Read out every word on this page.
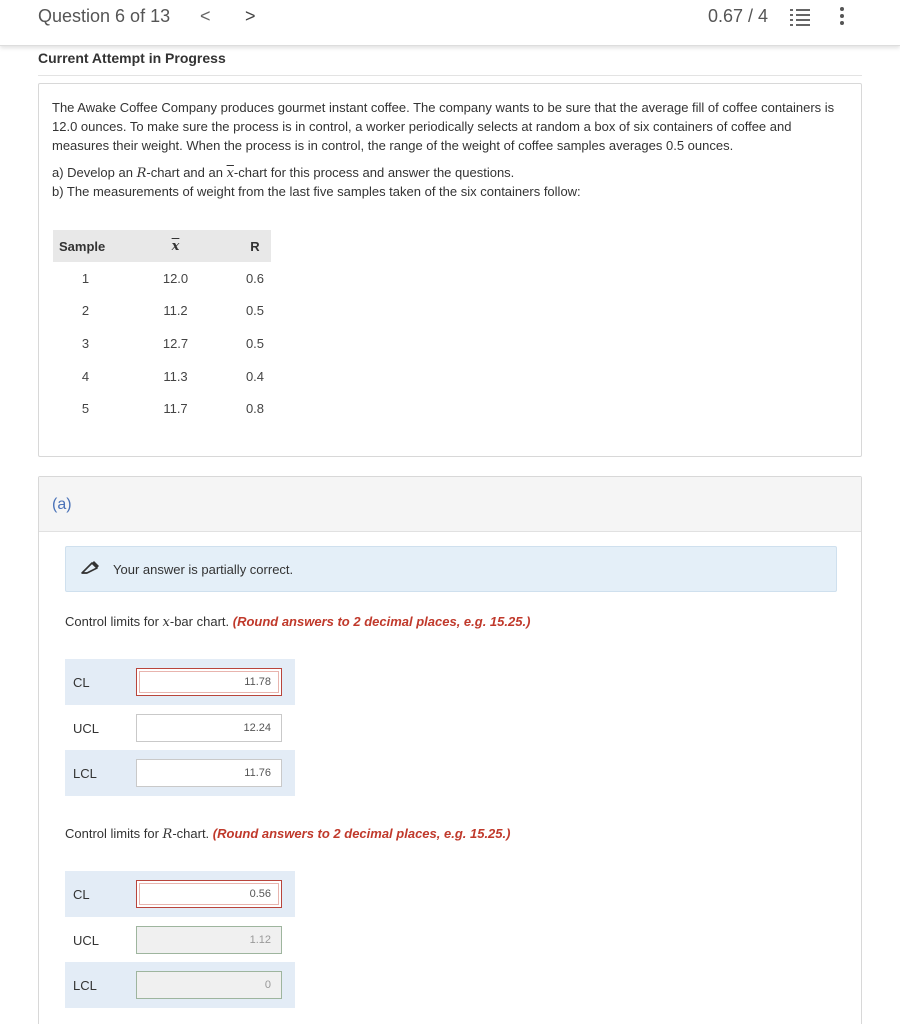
Question 6 of 13 < >	0.67 / 4
Current Attempt in Progress

The Awake Coffee Company produces gourmet instant coffee. The company wants to be sure that the average fill of coffee containers is 12.0 ounces. To make sure the process is in control, a worker periodically selects at random a box of six containers of coffee and measures their weight. When the process is in control, the range of the weight of coffee samples averages 0.5 ounces.

a) Develop an R-chart and an $\overline{x}$-chart for this process and answer the questions.
b) The measurements of weight from the last five samples taken of the six containers follow:
Sample	$\overline{x}$	R
1	12.0	0.6
2	11.2	0.5
3	12.7	0.5
4	11.3	0.4
5	11.7	0.8
(a)
Your answer is partially correct.
Control limits for x-bar chart. (Round answers to 2 decimal places, e.g. 15.25.)
CL
11.78
UCL
12.24
LCL
11.76
Control limits for R-chart. (Round answers to 2 decimal places, e.g. 15.25.)
CL
0.56
UCL
1.12
LCL
0
